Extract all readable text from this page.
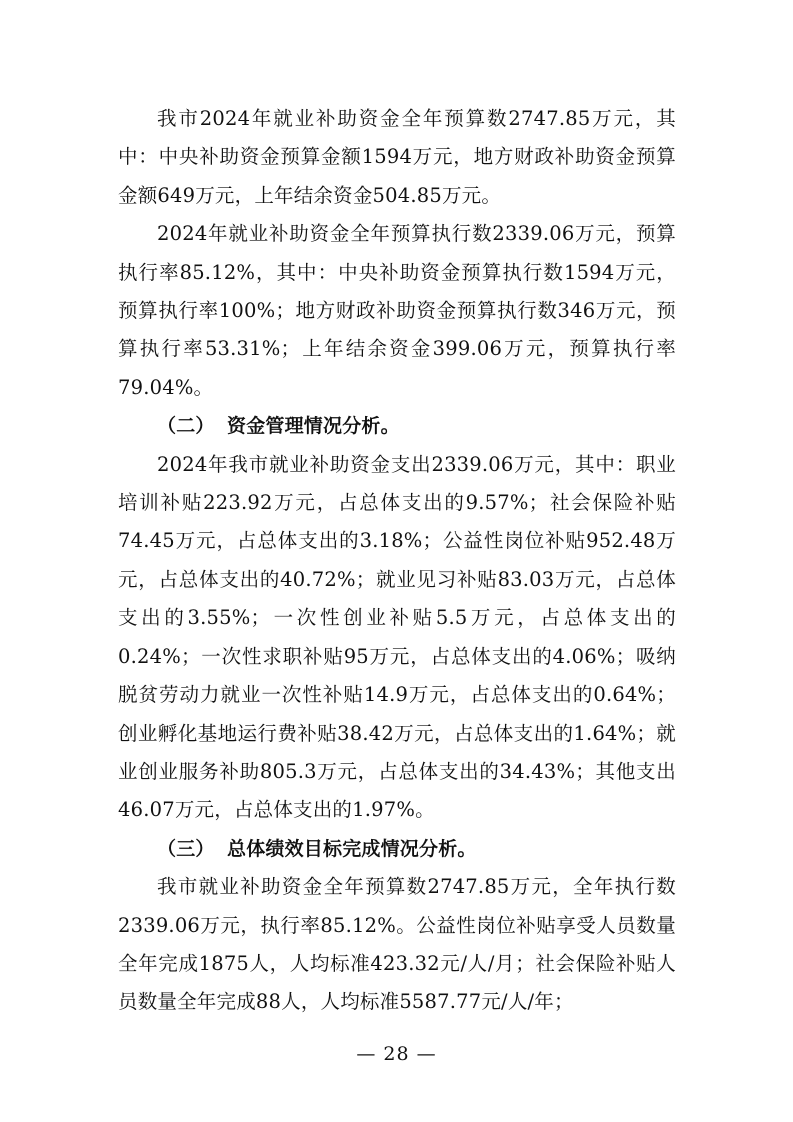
我市2024年就业补助资金全年预算数2747.85万元，其中：中央补助资金预算金额1594万元，地方财政补助资金预算金额649万元，上年结余资金504.85万元。

2024年就业补助资金全年预算执行数2339.06万元，预算执行率85.12%，其中：中央补助资金预算执行数1594万元，预算执行率100%；地方财政补助资金预算执行数346万元，预算执行率53.31%；上年结余资金399.06万元，预算执行率79.04%。

（二） 资金管理情况分析。

2024年我市就业补助资金支出2339.06万元，其中：职业培训补贴223.92万元，占总体支出的9.57%；社会保险补贴74.45万元，占总体支出的3.18%；公益性岗位补贴952.48万元，占总体支出的40.72%；就业见习补贴83.03万元，占总体支出的3.55%；一次性创业补贴5.5万元，占总体支出的0.24%；一次性求职补贴95万元，占总体支出的4.06%；吸纳脱贫劳动力就业一次性补贴14.9万元，占总体支出的0.64%；创业孵化基地运行费补贴38.42万元，占总体支出的1.64%；就业创业服务补助805.3万元，占总体支出的34.43%；其他支出46.07万元，占总体支出的1.97%。

（三） 总体绩效目标完成情况分析。

我市就业补助资金全年预算数2747.85万元，全年执行数2339.06万元，执行率85.12%。公益性岗位补贴享受人员数量全年完成1875人，人均标准423.32元/人/月；社会保险补贴人员数量全年完成88人，人均标准5587.77元/人/年；

— 28 —
